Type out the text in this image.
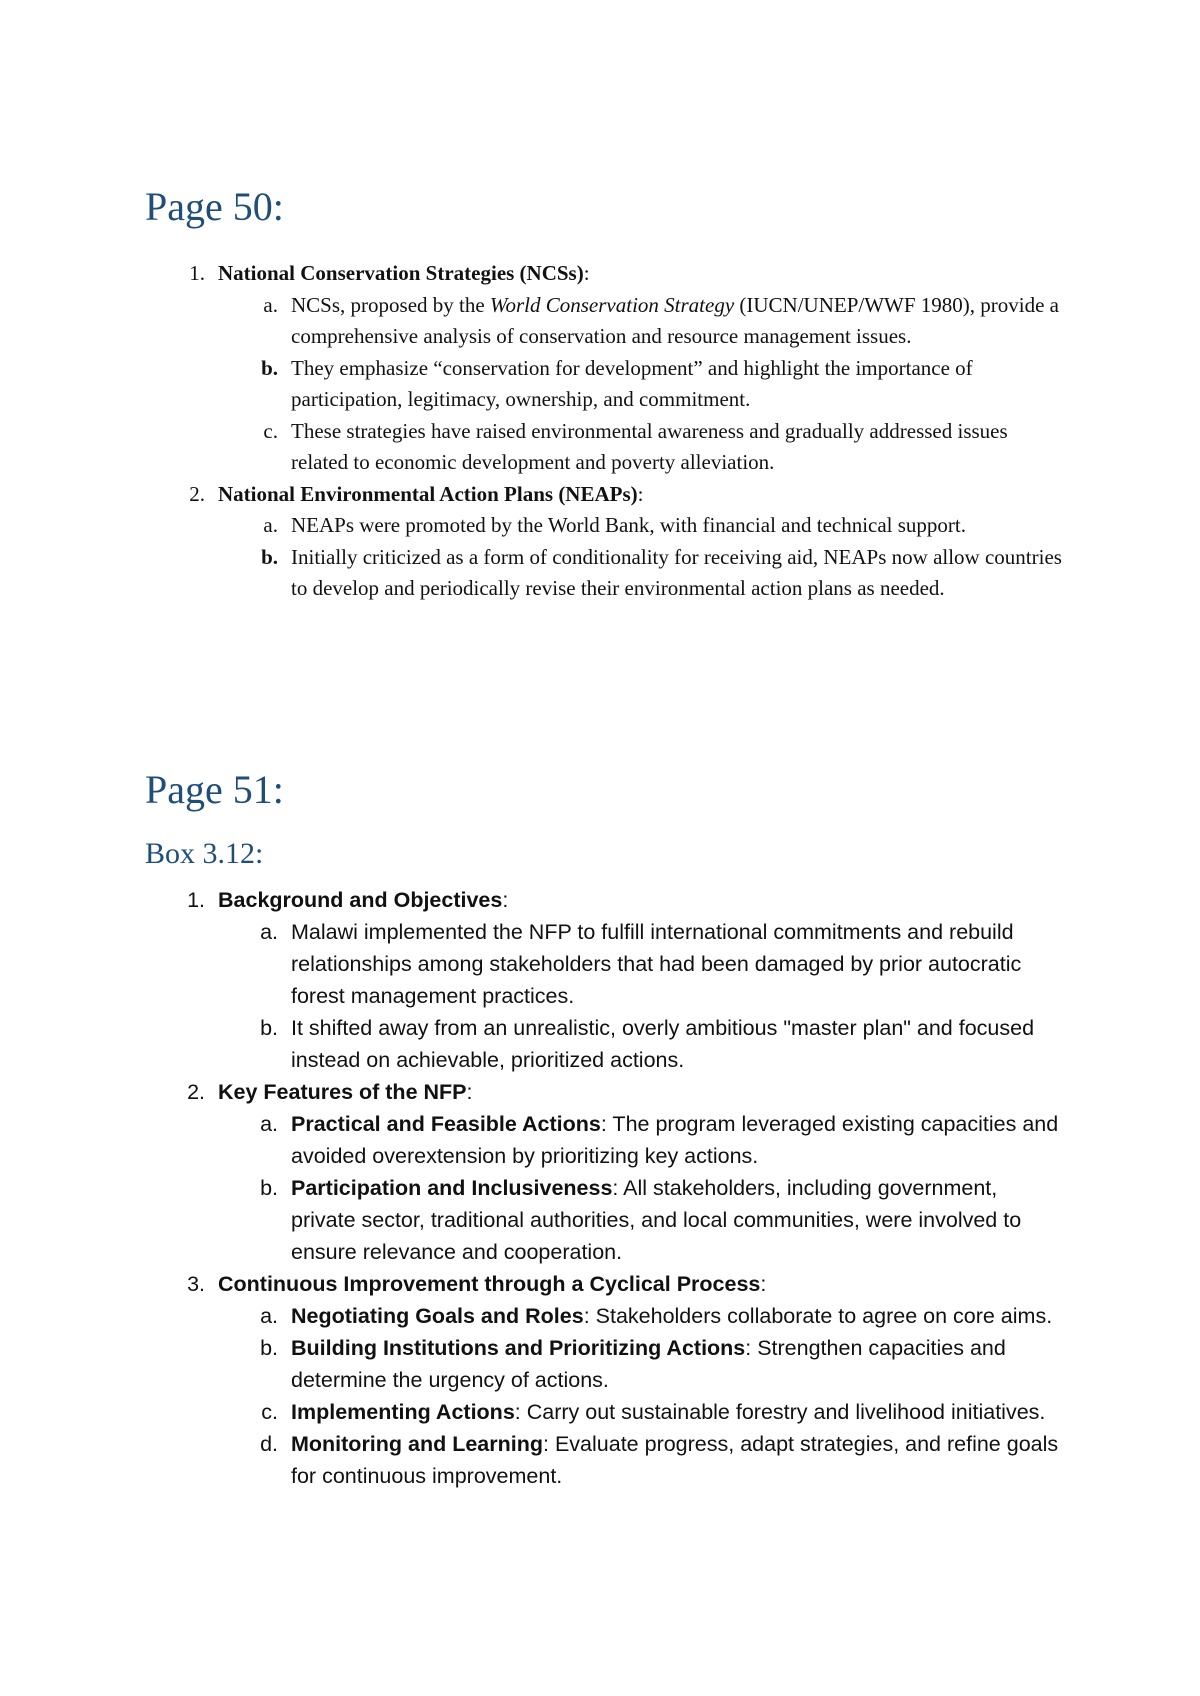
Page 50:
1. National Conservation Strategies (NCSs):
a. NCSs, proposed by the World Conservation Strategy (IUCN/UNEP/WWF 1980), provide a comprehensive analysis of conservation and resource management issues.
b. They emphasize “conservation for development” and highlight the importance of participation, legitimacy, ownership, and commitment.
c. These strategies have raised environmental awareness and gradually addressed issues related to economic development and poverty alleviation.
2. National Environmental Action Plans (NEAPs):
a. NEAPs were promoted by the World Bank, with financial and technical support.
b. Initially criticized as a form of conditionality for receiving aid, NEAPs now allow countries to develop and periodically revise their environmental action plans as needed.
Page 51:
Box 3.12:
1. Background and Objectives:
a. Malawi implemented the NFP to fulfill international commitments and rebuild relationships among stakeholders that had been damaged by prior autocratic forest management practices.
b. It shifted away from an unrealistic, overly ambitious "master plan" and focused instead on achievable, prioritized actions.
2. Key Features of the NFP:
a. Practical and Feasible Actions: The program leveraged existing capacities and avoided overextension by prioritizing key actions.
b. Participation and Inclusiveness: All stakeholders, including government, private sector, traditional authorities, and local communities, were involved to ensure relevance and cooperation.
3. Continuous Improvement through a Cyclical Process:
a. Negotiating Goals and Roles: Stakeholders collaborate to agree on core aims.
b. Building Institutions and Prioritizing Actions: Strengthen capacities and determine the urgency of actions.
c. Implementing Actions: Carry out sustainable forestry and livelihood initiatives.
d. Monitoring and Learning: Evaluate progress, adapt strategies, and refine goals for continuous improvement.
